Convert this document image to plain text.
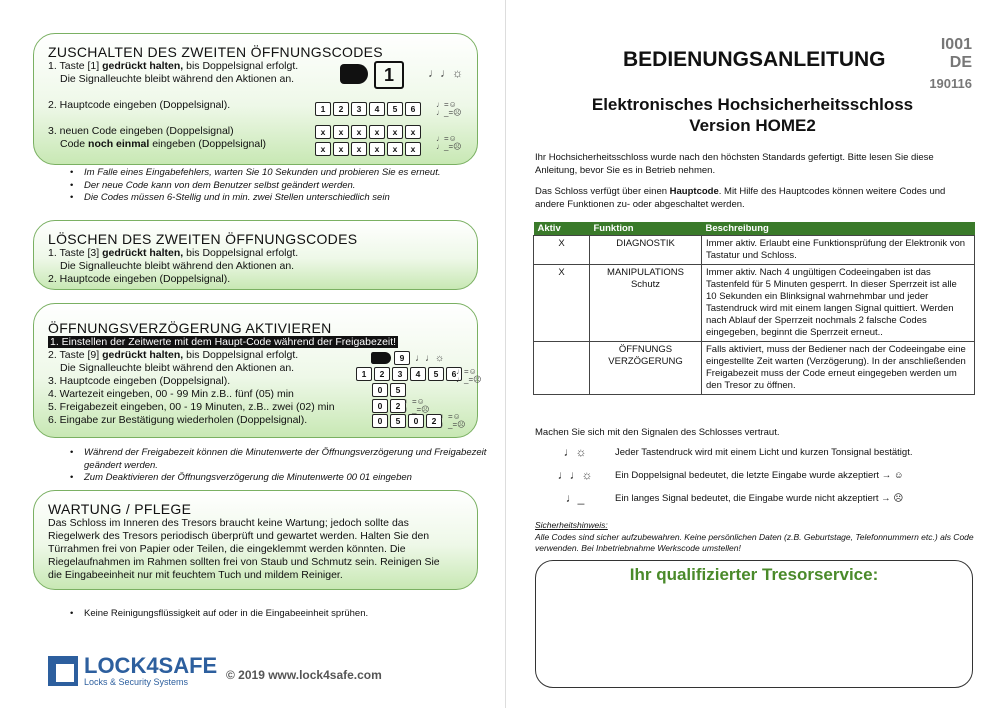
ZUSCHALTEN DES ZWEITEN ÖFFNUNGSCODES
1. Taste [1] gedrückt halten, bis Doppelsignal erfolgt.
Die Signalleuchte bleibt während den Aktionen an.
2. Hauptcode eingeben (Doppelsignal).
3. neuen Code eingeben (Doppelsignal)
Code noch einmal eingeben (Doppelsignal)
1	♩♩☼
1	2	3	4	5	6	♩=☺
♩_=☹
x	x	x	x	x	x
x	x	x	x	x	x
♩=☺
♩_=☹
• Im Falle eines Eingabefehlers, warten Sie 10 Sekunden und probieren Sie es erneut.
• Der neue Code kann von dem Benutzer selbst geändert werden.
• Die Codes müssen 6-Stellig und in min. zwei Stellen unterschiedlich sein
LÖSCHEN DES ZWEITEN ÖFFNUNGSCODES
1. Taste [3] gedrückt halten, bis Doppelsignal erfolgt.
Die Signalleuchte bleibt während den Aktionen an.
2. Hauptcode eingeben (Doppelsignal).
ÖFFNUNGSVERZÖGERUNG AKTIVIEREN
1. Einstellen der Zeitwerte mit dem Haupt-Code während der Freigabezeit!
2. Taste [9] gedrückt halten, bis Doppelsignal erfolgt.
Die Signalleuchte bleibt während den Aktionen an.
3. Hauptcode eingeben (Doppelsignal).
4. Wartezeit eingeben, 00 - 99 Min z.B.. fünf (05) min
5. Freigabezeit eingeben, 00 - 19 Minuten, z.B.. zwei (02) min
6. Eingabe zur Bestätigung wiederholen (Doppelsignal).
9	♩♩☼
1	2	3	4	5	6 ♩=☺
♩_=☹
0	5
0	2 ♩=☺
♩_=☹
0	5	0	2 ♩=☺
♩_=☹
• Während der Freigabezeit können die Minutenwerte der Öffnungsverzögerung und Freigabezeit geändert werden.
• Zum Deaktivieren der Öffnungsverzögerung die Minutenwerte 00 01 eingeben
WARTUNG / PFLEGE
Das Schloss im Inneren des Tresors braucht keine Wartung; jedoch sollte das
Riegelwerk des Tresors periodisch überprüft und gewartet werden. Halten Sie den
Türrahmen frei von Papier oder Teilen, die eingeklemmt werden könnten. Die
Riegelaufnahmen im Rahmen sollten frei von Staub und Schmutz sein. Reinigen Sie
die Eingabeeinheit nur mit feuchtem Tuch und mildem Reiniger.
• Keine Reinigungsflüssigkeit auf oder in die Eingabeeinheit sprühen.
LOCK4SAFE
Locks & Security Systems	© 2019 www.lock4safe.com
BEDIENUNGSANLEITUNG
I001
DE
190116
Elektronisches Hochsicherheitsschloss
Version HOME2

Ihr Hochsicherheitsschloss wurde nach den höchsten Standards gefertigt. Bitte lesen Sie diese Anleitung, bevor Sie es in Betrieb nehmen.

Das Schloss verfügt über einen Hauptcode. Mit Hilfe des Hauptcodes können weitere Codes und andere Funktionen zu- oder abgeschaltet werden.

Aktiv	Funktion	Beschreibung
X	DIAGNOSTIK	Immer aktiv. Erlaubt eine Funktionsprüfung der Elektronik von Tastatur und Schloss.
X	MANIPULATIONS Schutz	Immer aktiv. Nach 4 ungültigen Codeeingaben ist das Tastenfeld für 5 Minuten gesperrt. In dieser Sperrzeit ist alle 10 Sekunden ein Blinksignal wahrnehmbar und jeder Tastendruck wird mit einem langen Signal quittiert. Werden nach Ablauf der Sperrzeit nochmals 2 falsche Codes eingegeben, beginnt die Sperrzeit erneut..
	ÖFFNUNGS VERZÖGERUNG	Falls aktiviert, muss der Bediener nach der Codeeingabe eine eingestellte Zeit warten (Verzögerung). In der anschließenden Freigabezeit muss der Code erneut eingegeben werden um den Tresor zu öffnen.
Machen Sie sich mit den Signalen des Schlosses vertraut.
♩☼	Jeder Tastendruck wird mit einem Licht und kurzen Tonsignal bestätigt.
♩♩☼	Ein Doppelsignal bedeutet, die letzte Eingabe wurde akzeptiert → ☺
♩_	Ein langes Signal bedeutet, die Eingabe wurde nicht akzeptiert → ☹
Sicherheitshinweis:
Alle Codes sind sicher aufzubewahren. Keine persönlichen Daten (z.B. Geburtstage, Telefonnummern etc.) als Code verwenden. Bei Inbetriebnahme Werkscode umstellen!
Ihr qualifizierter Tresorservice:
